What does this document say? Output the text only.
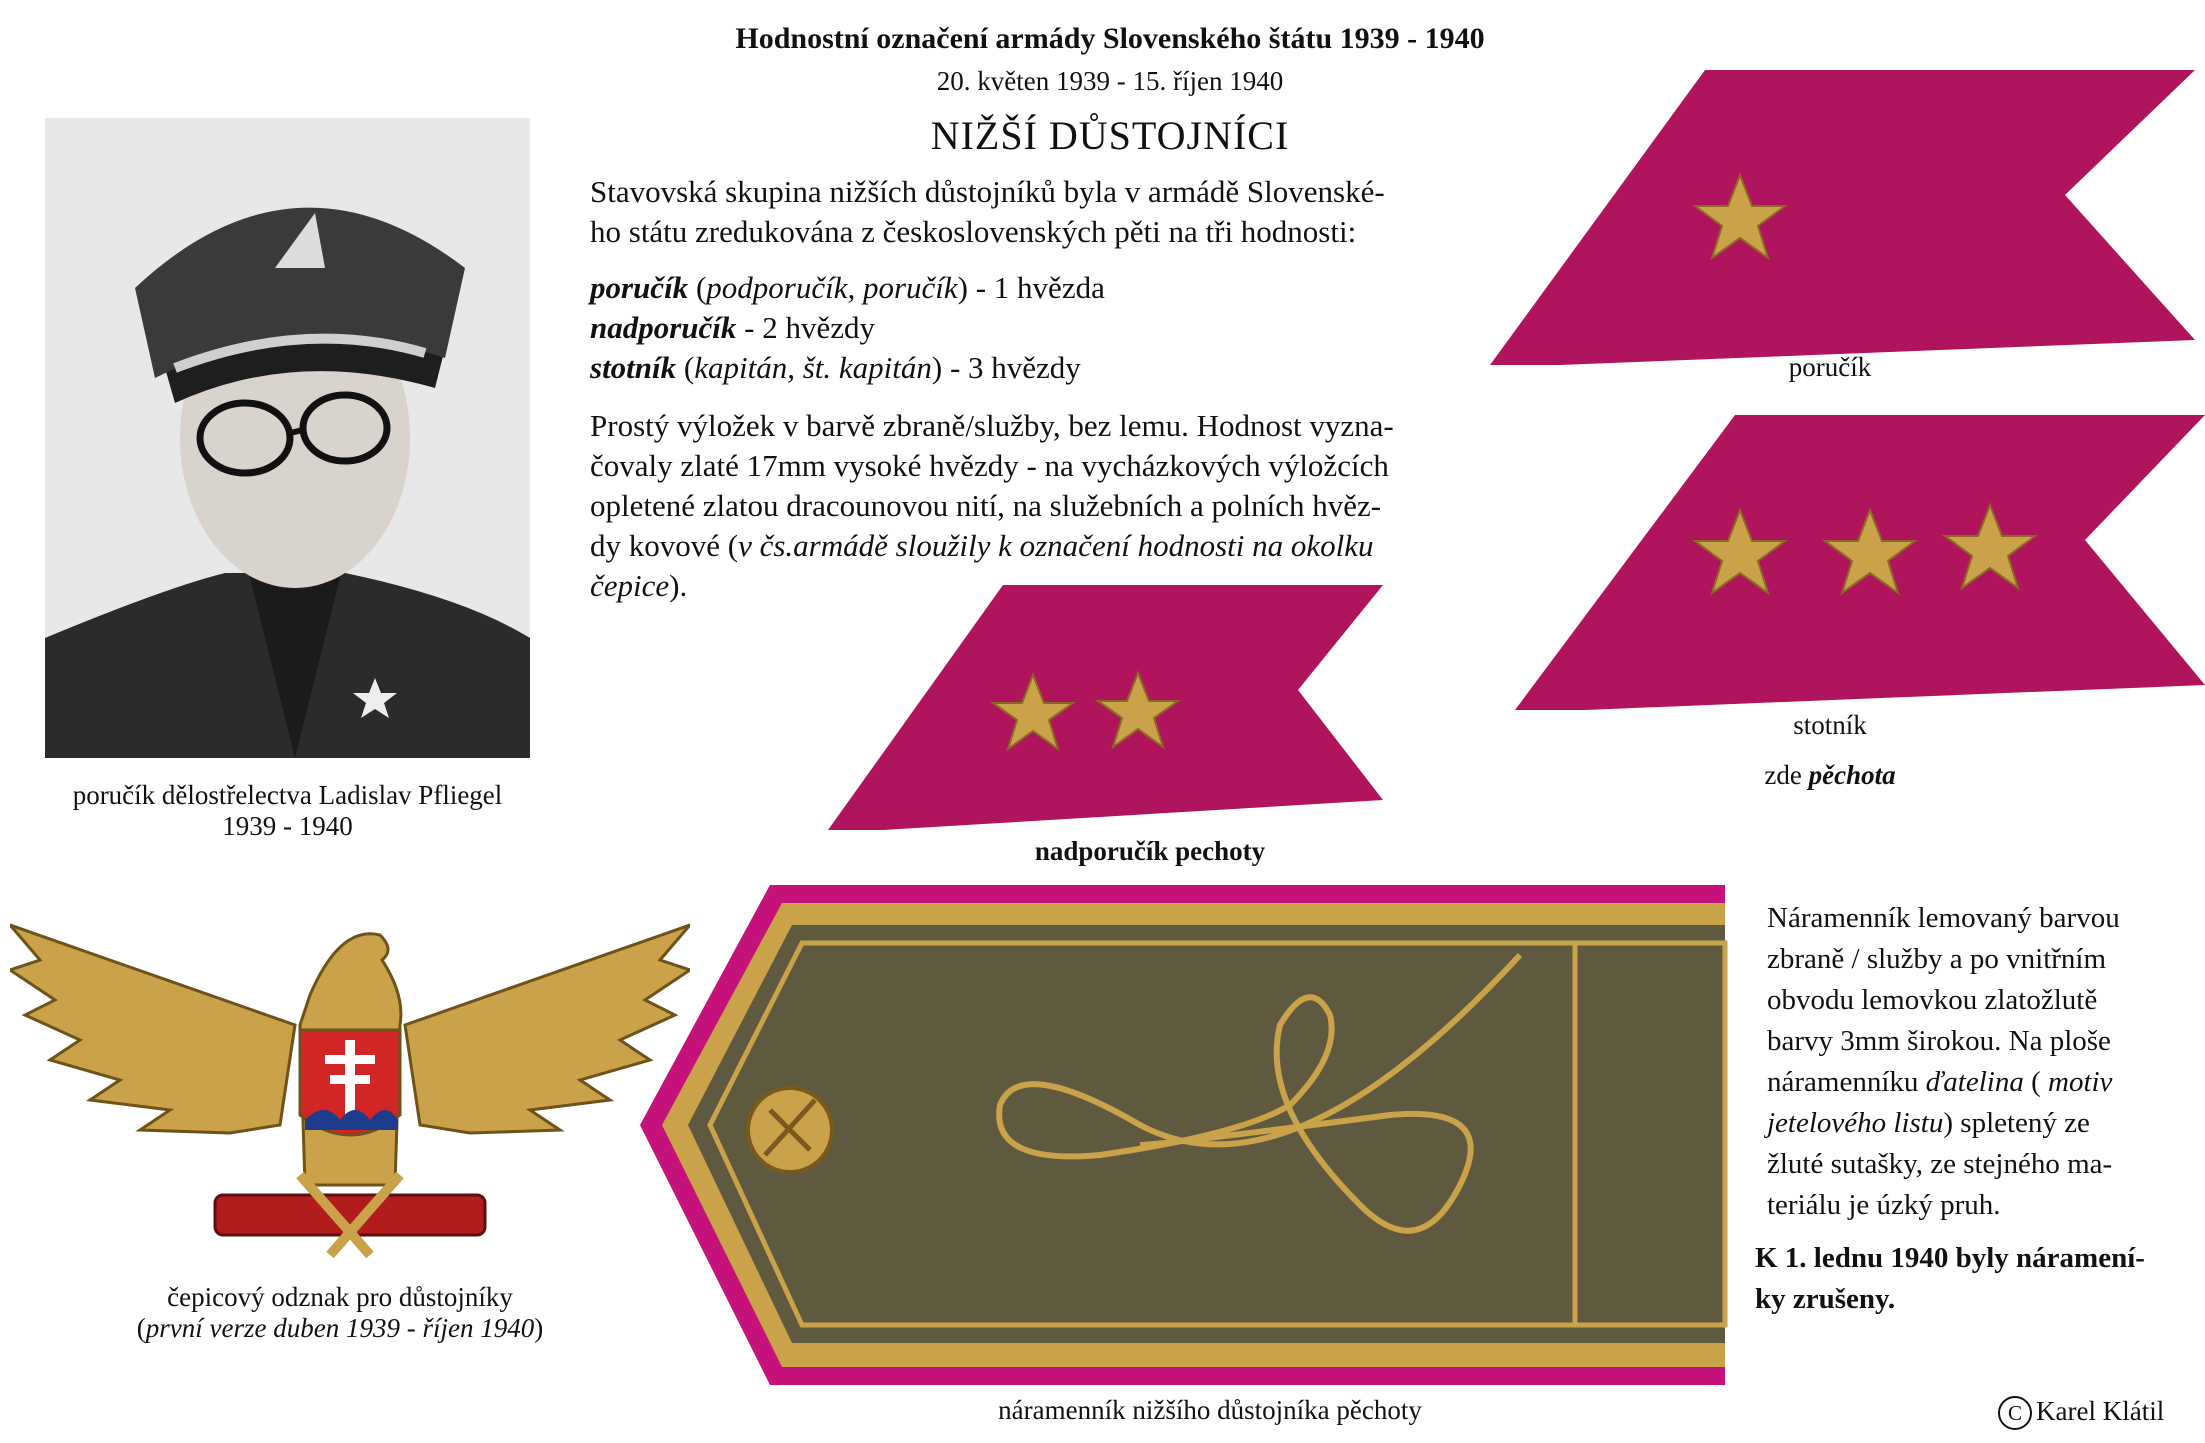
Hodnostní označení armády Slovenského štátu 1939 - 1940
20. květen 1939 - 15. říjen 1940
NIŽŠÍ DŮSTOJNÍCI
Stavovská skupina nižších důstojníků byla v armádě Slovenské-
ho státu zredukována z československých pěti na tři hodnosti:
poručík (podporučík, poručík) - 1 hvězda
nadporučík - 2 hvězdy
stotník (kapitán, št. kapitán) - 3 hvězdy
Prostý výložek v barvě zbraně/služby, bez lemu. Hodnost vyzna-
čovaly zlaté 17mm vysoké hvězdy - na vycházkových výložcích
opletené zlatou dracounovou nití, na služebních a polních hvěz-
dy kovové (v čs.armádě sloužily k označení hodnosti na okolku
čepice).
poručík dělostřelectva Ladislav Pfliegel
1939 - 1940
poručík
stotník
zde pěchota
nadporučík pechoty
čepicový odznak pro důstojníky
(první verze duben 1939 - říjen 1940)
náramenník nižšího důstojníka pěchoty
Náramenník lemovaný barvou
zbraně / služby a po vnitřním
obvodu lemovkou zlatožlutě
barvy 3mm širokou. Na ploše
náramenníku ďatelina ( motiv
jetelového listu) spletený ze
žluté sutašky, ze stejného ma-
teriálu je úzký pruh.
K 1. lednu 1940 byly náramení-
ky zrušeny.
C Karel Klátil
